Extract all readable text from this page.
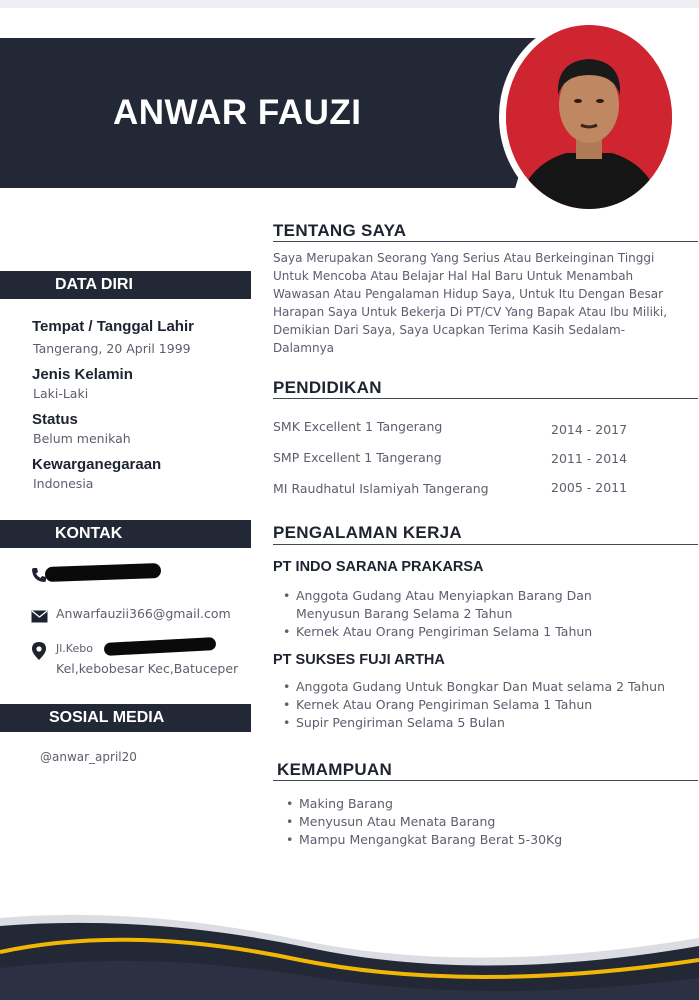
ANWAR FAUZI
DATA DIRI
Tempat / Tanggal Lahir
Tangerang, 20 April 1999
Jenis Kelamin
Laki-Laki
Status
Belum menikah
Kewarganegaraan
Indonesia
KONTAK
Anwarfauzii366@gmail.com
Jl.Kebo
Kel,kebobesar Kec,Batuceper
SOSIAL MEDIA
@anwar_april20
TENTANG SAYA
Saya Merupakan Seorang Yang Serius Atau Berkeinginan Tinggi Untuk Mencoba Atau Belajar Hal Hal Baru Untuk Menambah Wawasan Atau Pengalaman Hidup Saya, Untuk Itu Dengan Besar Harapan Saya Untuk Bekerja Di PT/CV Yang Bapak Atau Ibu Miliki, Demikian Dari Saya, Saya Ucapkan Terima Kasih Sedalam-Dalamnya
PENDIDIKAN
SMK Excellent 1 Tangerang	2014 - 2017
SMP Excellent 1 Tangerang	2011 - 2014
MI Raudhatul Islamiyah Tangerang	2005 - 2011
PENGALAMAN KERJA
PT INDO SARANA PRAKARSA
• Anggota Gudang Atau Menyiapkan Barang Dan Menyusun Barang Selama 2 Tahun
• Kernek Atau Orang Pengiriman Selama 1 Tahun
PT SUKSES FUJI ARTHA
• Anggota Gudang Untuk Bongkar Dan Muat selama 2 Tahun
• Kernek Atau Orang Pengiriman Selama 1 Tahun
• Supir Pengiriman Selama 5 Bulan
KEMAMPUAN
• Making Barang
• Menyusun Atau Menata Barang
• Mampu Mengangkat Barang Berat 5-30Kg
